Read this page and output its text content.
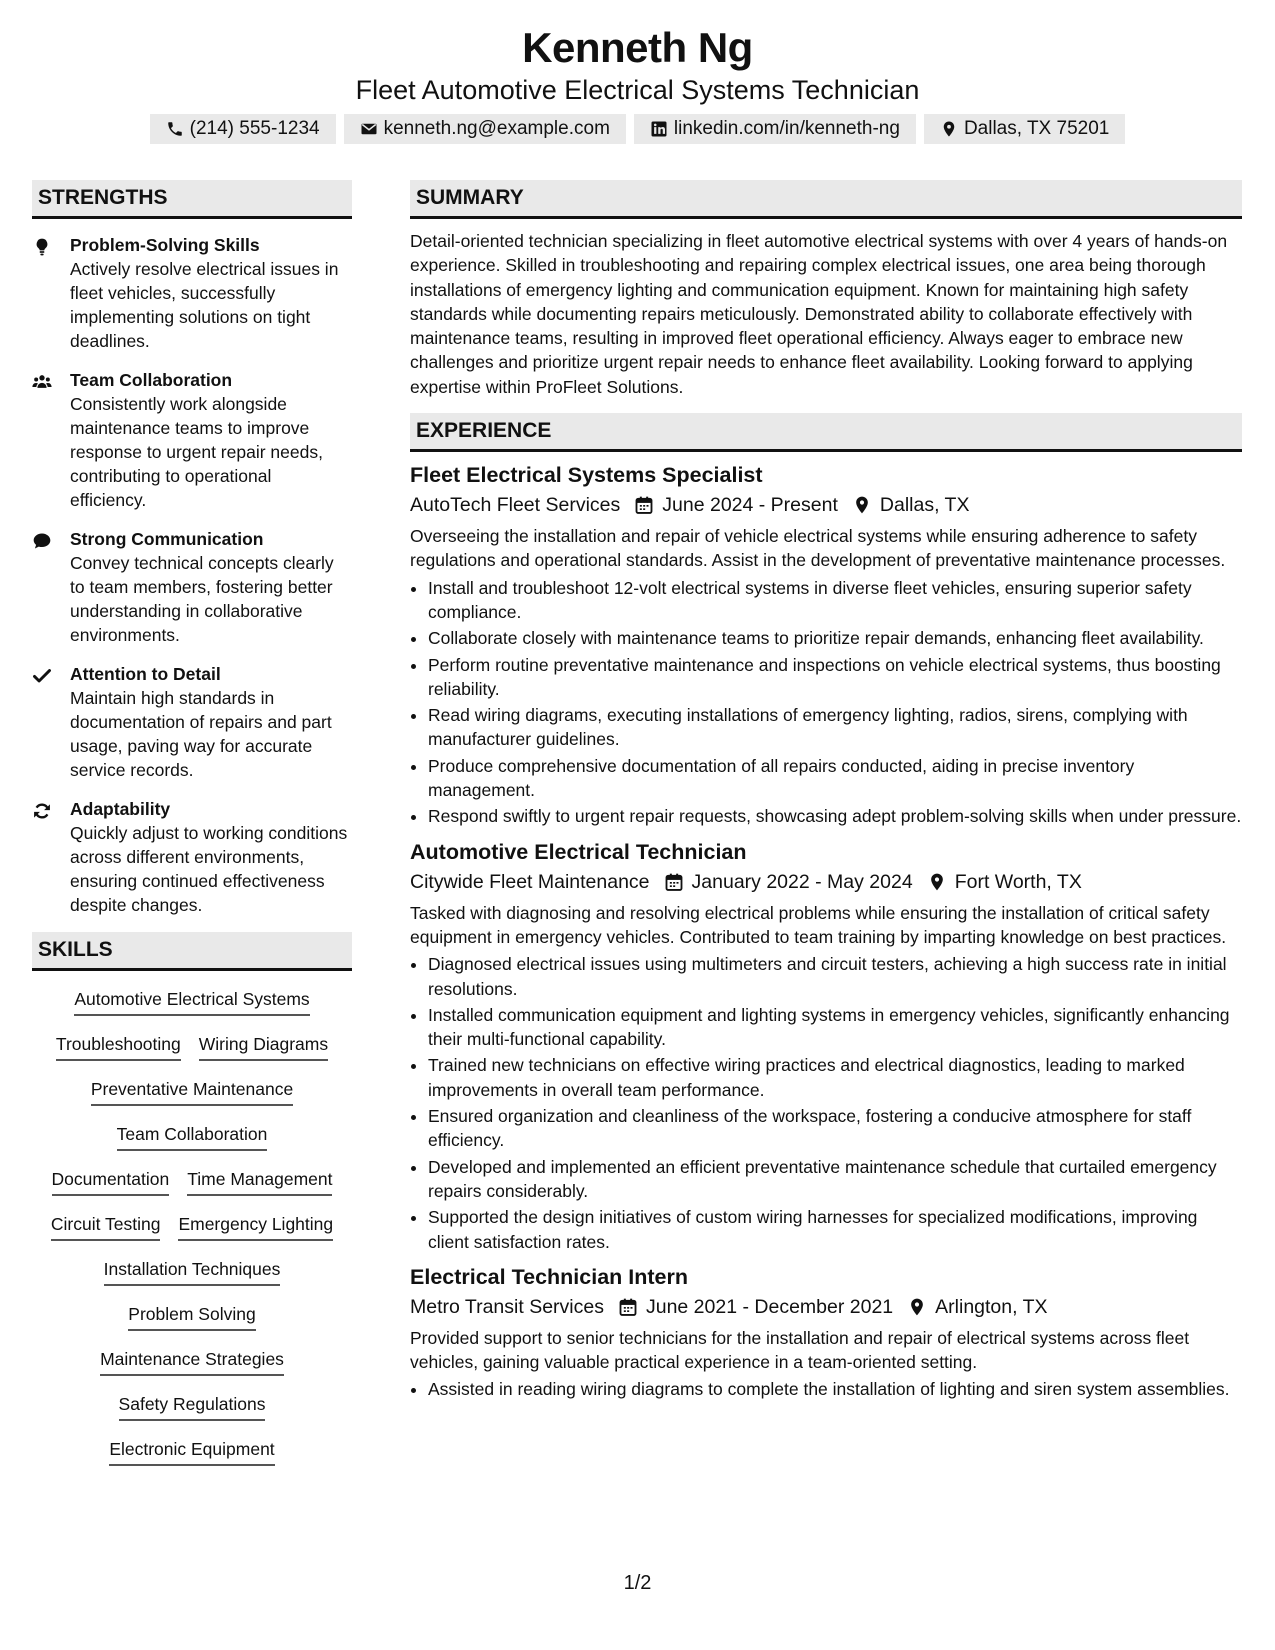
Kenneth Ng
Fleet Automotive Electrical Systems Technician
(214) 555-1234	kenneth.ng@example.com	linkedin.com/in/kenneth-ng	Dallas, TX 75201
STRENGTHS
Problem-Solving Skills
Actively resolve electrical issues in fleet vehicles, successfully implementing solutions on tight deadlines.
Team Collaboration
Consistently work alongside maintenance teams to improve response to urgent repair needs, contributing to operational efficiency.
Strong Communication
Convey technical concepts clearly to team members, fostering better understanding in collaborative environments.
Attention to Detail
Maintain high standards in documentation of repairs and part usage, paving way for accurate service records.
Adaptability
Quickly adjust to working conditions across different environments, ensuring continued effectiveness despite changes.
SKILLS
Automotive Electrical Systems
Troubleshooting Wiring Diagrams
Preventative Maintenance
Team Collaboration
Documentation Time Management
Circuit Testing Emergency Lighting
Installation Techniques
Problem Solving
Maintenance Strategies
Safety Regulations
Electronic Equipment
SUMMARY
Detail-oriented technician specializing in fleet automotive electrical systems with over 4 years of hands-on experience. Skilled in troubleshooting and repairing complex electrical issues, one area being thorough installations of emergency lighting and communication equipment. Known for maintaining high safety standards while documenting repairs meticulously. Demonstrated ability to collaborate effectively with maintenance teams, resulting in improved fleet operational efficiency. Always eager to embrace new challenges and prioritize urgent repair needs to enhance fleet availability. Looking forward to applying expertise within ProFleet Solutions.
EXPERIENCE
Fleet Electrical Systems Specialist
AutoTech Fleet Services June 2024 - Present Dallas, TX
Overseeing the installation and repair of vehicle electrical systems while ensuring adherence to safety regulations and operational standards. Assist in the development of preventative maintenance processes.
• Install and troubleshoot 12-volt electrical systems in diverse fleet vehicles, ensuring superior safety compliance.
• Collaborate closely with maintenance teams to prioritize repair demands, enhancing fleet availability.
• Perform routine preventative maintenance and inspections on vehicle electrical systems, thus boosting reliability.
• Read wiring diagrams, executing installations of emergency lighting, radios, sirens, complying with manufacturer guidelines.
• Produce comprehensive documentation of all repairs conducted, aiding in precise inventory management.
• Respond swiftly to urgent repair requests, showcasing adept problem-solving skills when under pressure.
Automotive Electrical Technician
Citywide Fleet Maintenance January 2022 - May 2024 Fort Worth, TX
Tasked with diagnosing and resolving electrical problems while ensuring the installation of critical safety equipment in emergency vehicles. Contributed to team training by imparting knowledge on best practices.
• Diagnosed electrical issues using multimeters and circuit testers, achieving a high success rate in initial resolutions.
• Installed communication equipment and lighting systems in emergency vehicles, significantly enhancing their multi-functional capability.
• Trained new technicians on effective wiring practices and electrical diagnostics, leading to marked improvements in overall team performance.
• Ensured organization and cleanliness of the workspace, fostering a conducive atmosphere for staff efficiency.
• Developed and implemented an efficient preventative maintenance schedule that curtailed emergency repairs considerably.
• Supported the design initiatives of custom wiring harnesses for specialized modifications, improving client satisfaction rates.
Electrical Technician Intern
Metro Transit Services June 2021 - December 2021 Arlington, TX
Provided support to senior technicians for the installation and repair of electrical systems across fleet vehicles, gaining valuable practical experience in a team-oriented setting.
• Assisted in reading wiring diagrams to complete the installation of lighting and siren system assemblies.
1/2
